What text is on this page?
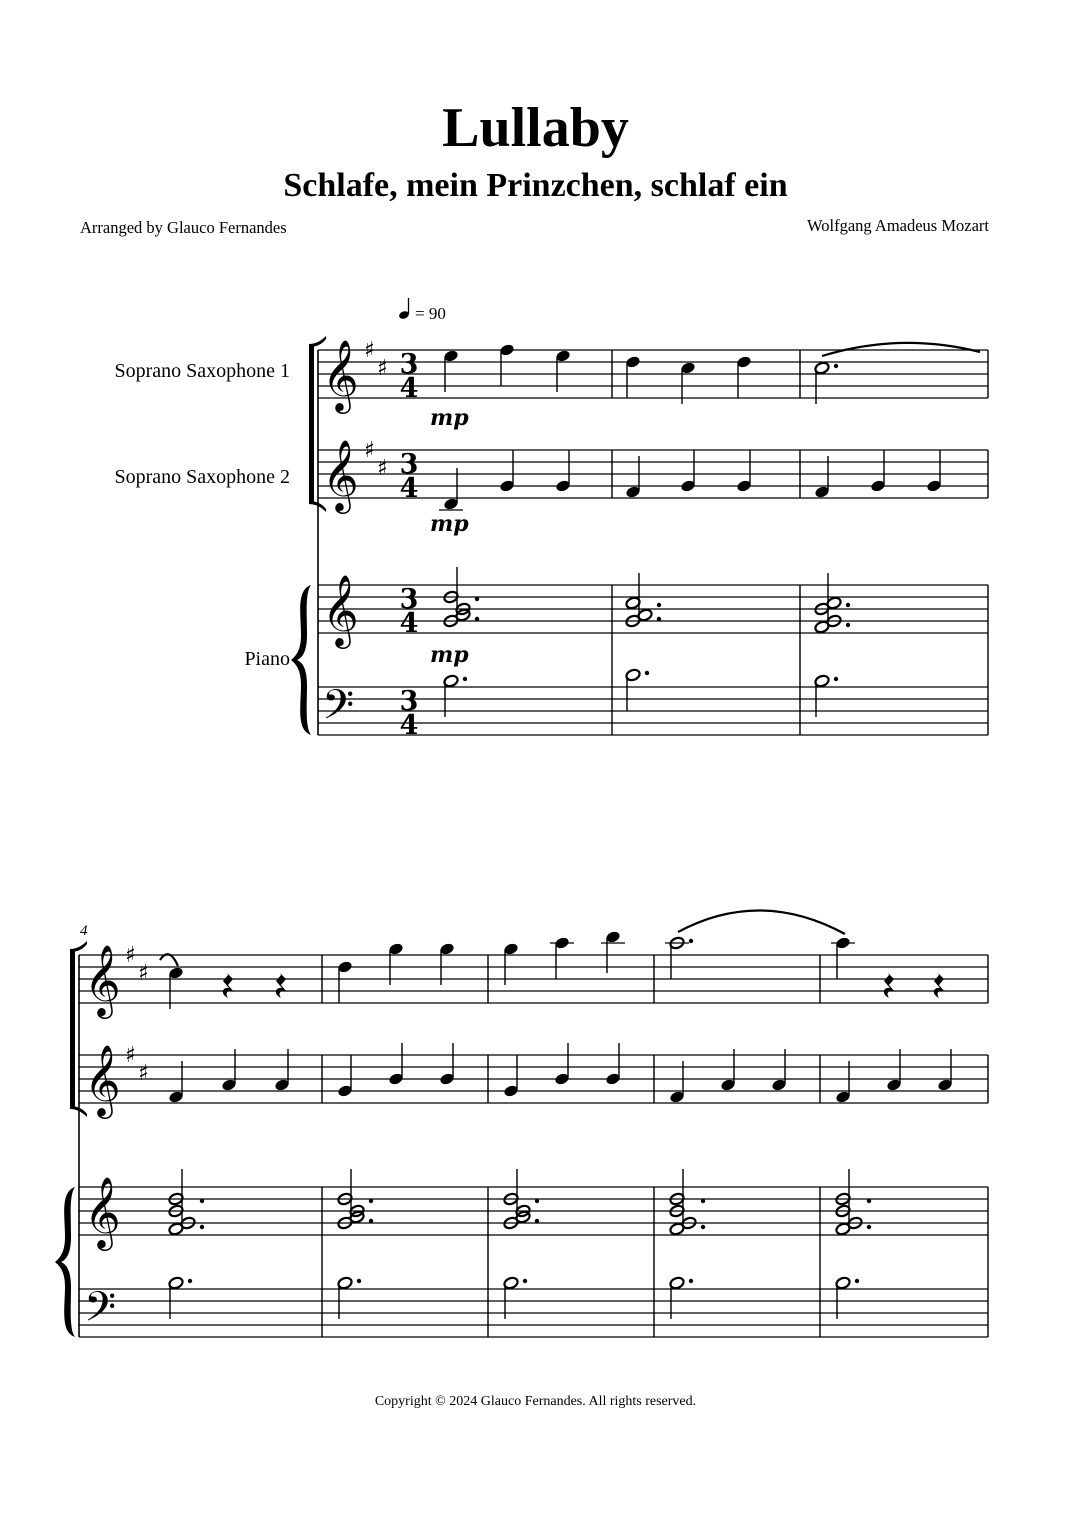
Lullaby
Schlafe, mein Prinzchen, schlaf ein
Arranged by Glauco Fernandes	Wolfgang Amadeus Mozart
= 90
Soprano Saxophone 1
Soprano Saxophone 2
Piano
𝄞
𝄞
𝄞
𝄢
♯
♯
♯
♯
3
4
3
4
3
4
3
4
mp
mp
mp
4
𝄞
𝄞
𝄞
𝄢
♯
♯
♯
♯
Copyright © 2024 Glauco Fernandes. All rights reserved.
